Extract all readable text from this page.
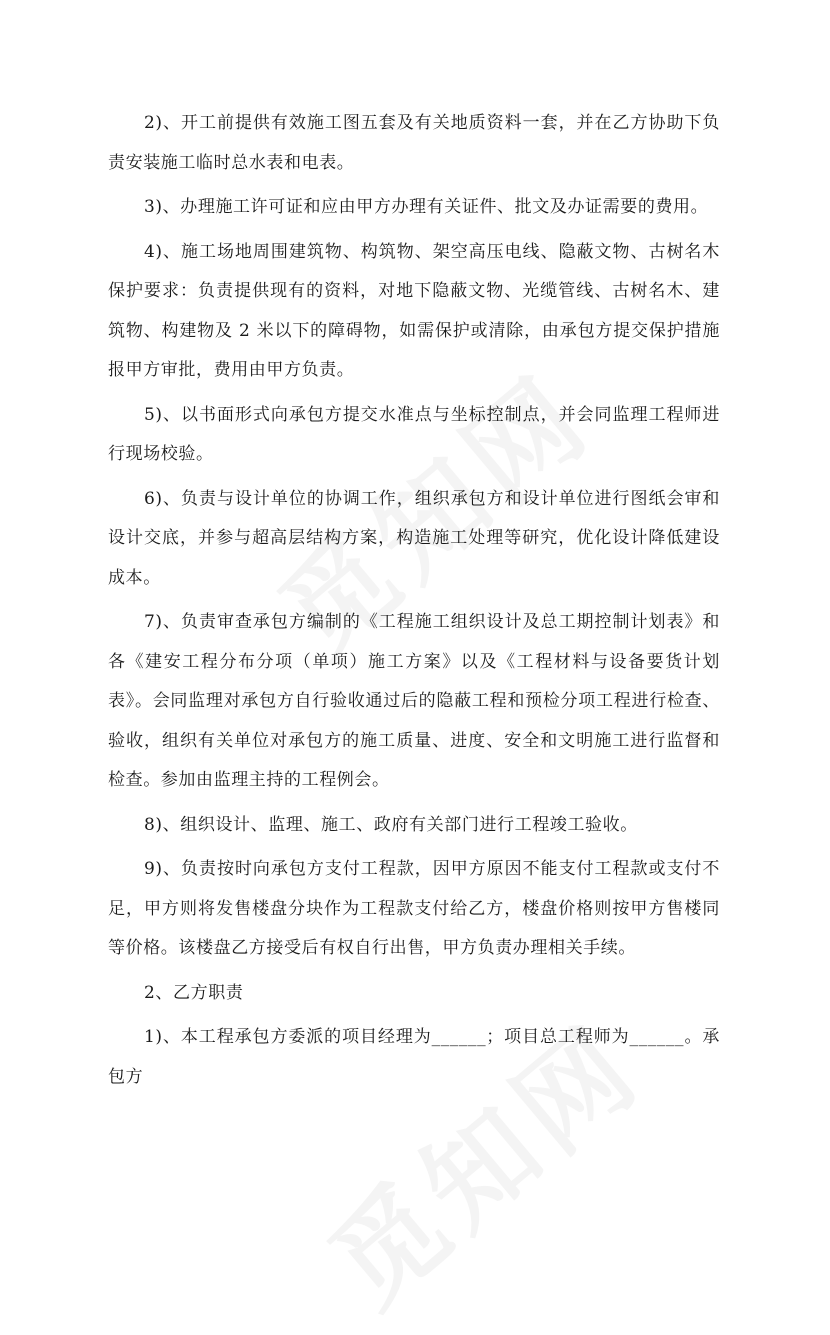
2)、开工前提供有效施工图五套及有关地质资料一套，并在乙方协助下负责安装施工临时总水表和电表。

3)、办理施工许可证和应由甲方办理有关证件、批文及办证需要的费用。

4)、施工场地周围建筑物、构筑物、架空高压电线、隐蔽文物、古树名木保护要求：负责提供现有的资料，对地下隐蔽文物、光缆管线、古树名木、建筑物、构建物及 2 米以下的障碍物，如需保护或清除，由承包方提交保护措施报甲方审批，费用由甲方负责。

5)、以书面形式向承包方提交水准点与坐标控制点，并会同监理工程师进行现场校验。

6)、负责与设计单位的协调工作，组织承包方和设计单位进行图纸会审和设计交底，并参与超高层结构方案，构造施工处理等研究，优化设计降低建设成本。

7)、负责审查承包方编制的《工程施工组织设计及总工期控制计划表》和各《建安工程分布分项（单项）施工方案》以及《工程材料与设备要货计划表》。会同监理对承包方自行验收通过后的隐蔽工程和预检分项工程进行检查、验收，组织有关单位对承包方的施工质量、进度、安全和文明施工进行监督和检查。参加由监理主持的工程例会。

8)、组织设计、监理、施工、政府有关部门进行工程竣工验收。

9)、负责按时向承包方支付工程款，因甲方原因不能支付工程款或支付不足，甲方则将发售楼盘分块作为工程款支付给乙方，楼盘价格则按甲方售楼同等价格。该楼盘乙方接受后有权自行出售，甲方负责办理相关手续。

2、乙方职责

1)、本工程承包方委派的项目经理为______；项目总工程师为______。承包方
